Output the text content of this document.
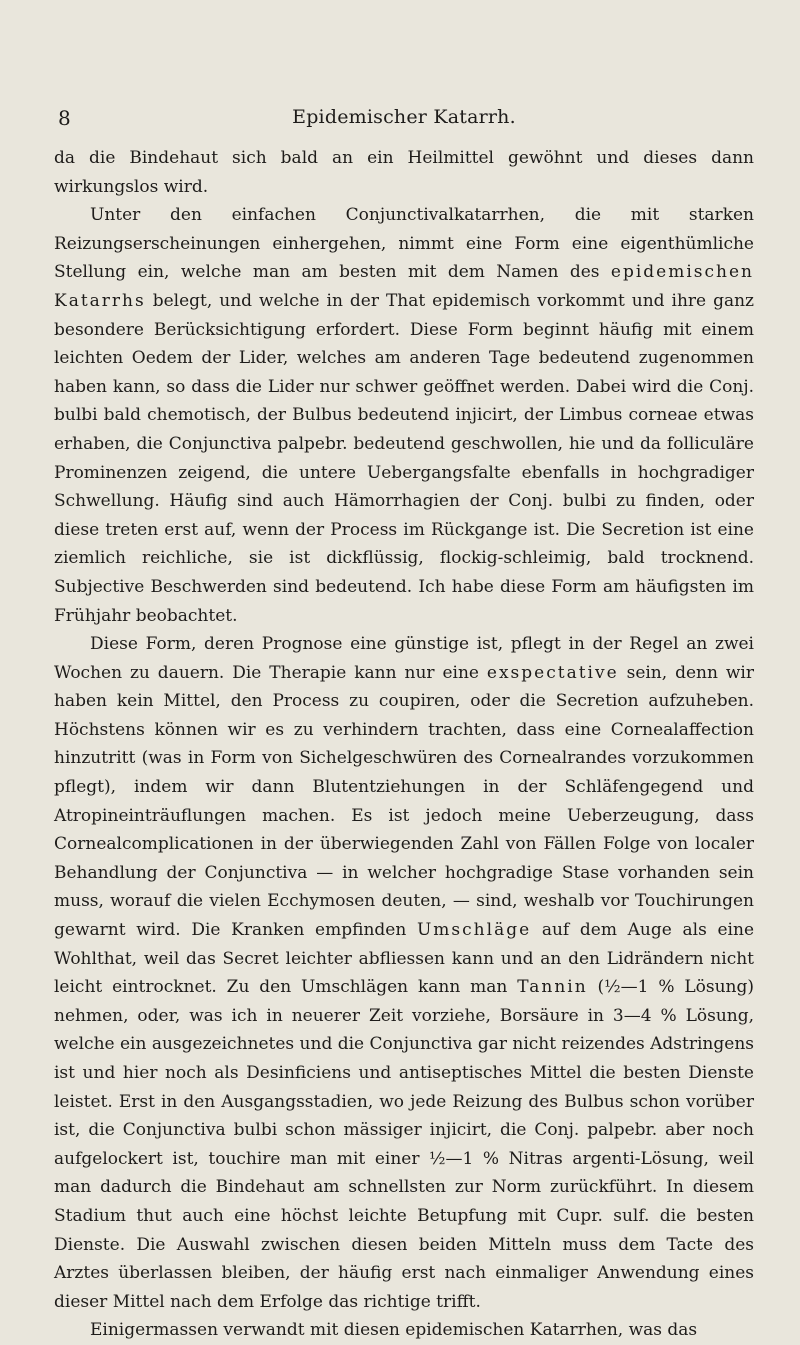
8	Epidemischer Katarrh.

da die Bindehaut sich bald an ein Heilmittel gewöhnt und dieses dann wirkungslos wird.

Unter den einfachen Conjunctivalkatarrhen, die mit starken Reizungserscheinungen einhergehen, nimmt eine Form eine eigenthümliche Stellung ein, welche man am besten mit dem Namen des epidemischen Katarrhs belegt, und welche in der That epidemisch vorkommt und ihre ganz besondere Berücksichtigung erfordert. Diese Form beginnt häufig mit einem leichten Oedem der Lider, welches am anderen Tage bedeutend zugenommen haben kann, so dass die Lider nur schwer geöffnet werden. Dabei wird die Conj. bulbi bald chemotisch, der Bulbus bedeutend injicirt, der Limbus corneae etwas erhaben, die Conjunctiva palpebr. bedeutend geschwollen, hie und da folliculäre Prominenzen zeigend, die untere Uebergangsfalte ebenfalls in hochgradiger Schwellung. Häufig sind auch Hämorrhagien der Conj. bulbi zu finden, oder diese treten erst auf, wenn der Process im Rückgange ist. Die Secretion ist eine ziemlich reichliche, sie ist dickflüssig, flockig-schleimig, bald trocknend. Subjective Beschwerden sind bedeutend. Ich habe diese Form am häufigsten im Frühjahr beobachtet.

Diese Form, deren Prognose eine günstige ist, pflegt in der Regel an zwei Wochen zu dauern. Die Therapie kann nur eine exspectative sein, denn wir haben kein Mittel, den Process zu coupiren, oder die Secretion aufzuheben. Höchstens können wir es zu verhindern trachten, dass eine Cornealaffection hinzutritt (was in Form von Sichelgeschwüren des Cornealrandes vorzukommen pflegt), indem wir dann Blutentziehungen in der Schläfengegend und Atropineinträuflungen machen. Es ist jedoch meine Ueberzeugung, dass Cornealcomplicationen in der überwiegenden Zahl von Fällen Folge von localer Behandlung der Conjunctiva — in welcher hochgradige Stase vorhanden sein muss, worauf die vielen Ecchymosen deuten, — sind, weshalb vor Touchirungen gewarnt wird. Die Kranken empfinden Umschläge auf dem Auge als eine Wohlthat, weil das Secret leichter abfliessen kann und an den Lidrändern nicht leicht eintrocknet. Zu den Umschlägen kann man Tannin (½—1 % Lösung) nehmen, oder, was ich in neuerer Zeit vorziehe, Borsäure in 3—4 % Lösung, welche ein ausgezeichnetes und die Conjunctiva gar nicht reizendes Adstringens ist und hier noch als Desinficiens und antiseptisches Mittel die besten Dienste leistet. Erst in den Ausgangsstadien, wo jede Reizung des Bulbus schon vorüber ist, die Conjunctiva bulbi schon mässiger injicirt, die Conj. palpebr. aber noch aufgelockert ist, touchire man mit einer ½—1 % Nitras argenti-Lösung, weil man dadurch die Bindehaut am schnellsten zur Norm zurückführt. In diesem Stadium thut auch eine höchst leichte Betupfung mit Cupr. sulf. die besten Dienste. Die Auswahl zwischen diesen beiden Mitteln muss dem Tacte des Arztes überlassen bleiben, der häufig erst nach einmaliger Anwendung eines dieser Mittel nach dem Erfolge das richtige trifft.

Einigermassen verwandt mit diesen epidemischen Katarrhen, was das
